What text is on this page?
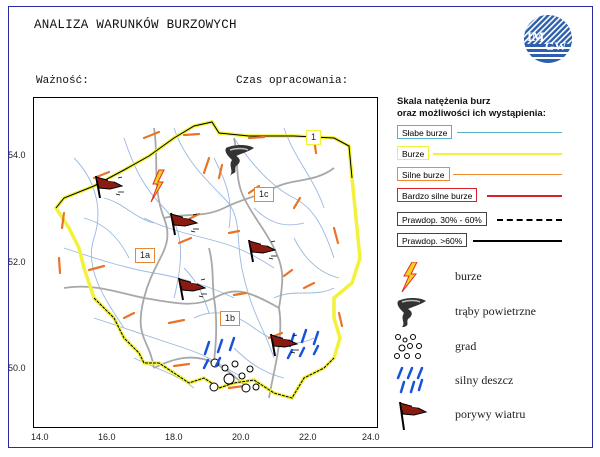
ANALIZA WARUNKÓW BURZOWYCH

Ważność:

	Czas opracowania:

IM
GW
1
1a
1b
1c
54.0
52.0
50.0
14.0	16.0	18.0	20.0	22.0	24.0
Skala natężenia burz
oraz możliwości ich wystąpienia:
Słabe burze
Burze
Silne burze
Bardzo silne burze
Prawdop. 30% - 60%
Prawdop. >60%
burze
trąby powietrzne
grad
silny deszcz
porywy wiatru
